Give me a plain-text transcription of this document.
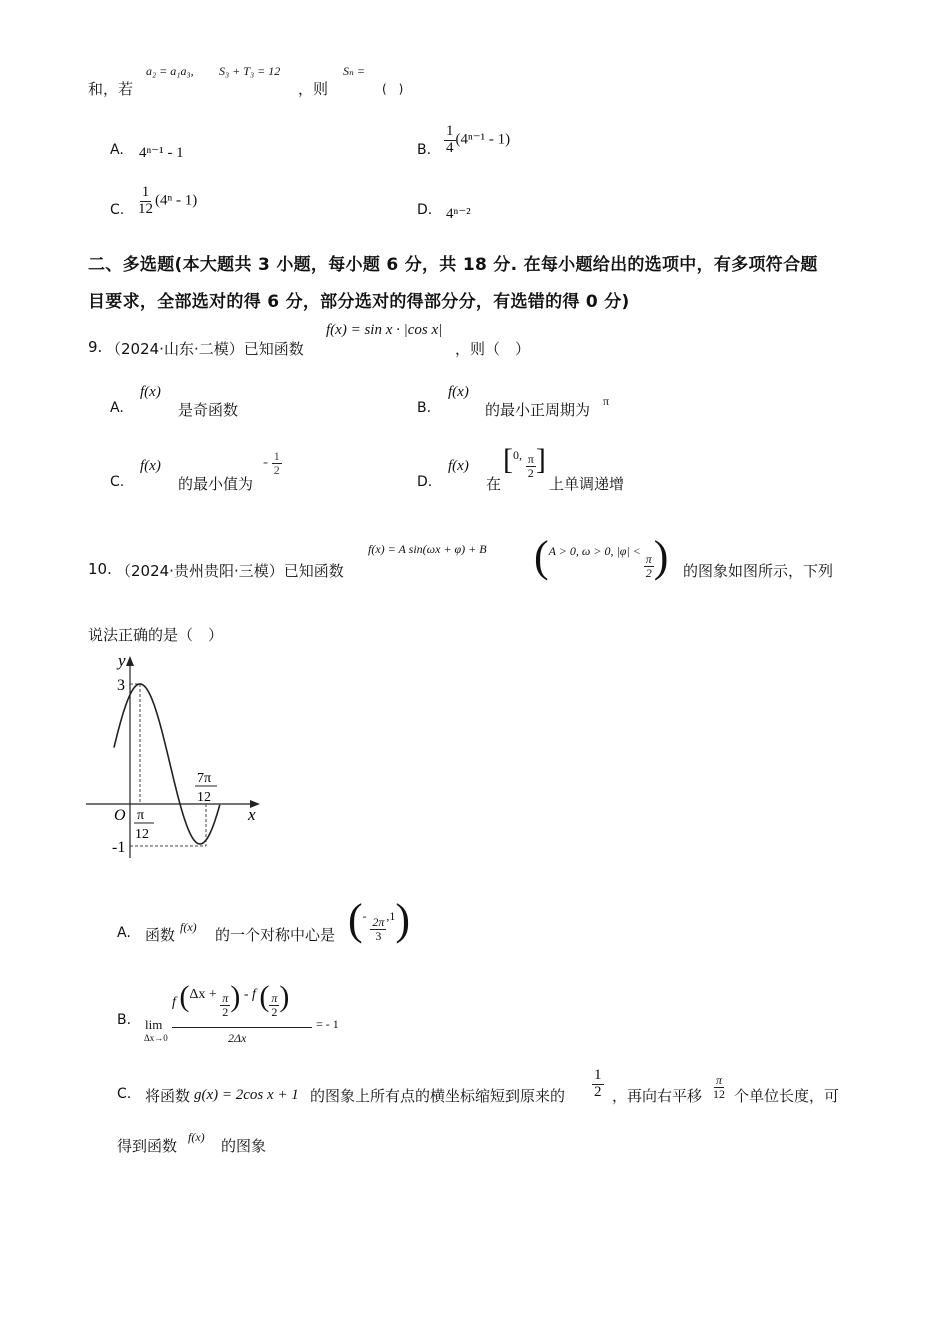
和，若
a₂ = a₁a₃, S₃ + T₃ = 12
，则
Sₙ =
(　)
A. 4ⁿ⁻¹ - 1	B. $\frac{1}{4} (4^{n-1} - 1)$
C. $\frac{1}{12} (4^n - 1)$
D. 4ⁿ⁻²
二、多选题(本大题共 3 小题，每小题 6 分，共 18 分. 在每小题给出的选项中，有多项符合题
目要求，全部选对的得 6 分，部分选对的得部分分，有选错的得 0 分)
9. （2024·山东·二模）已知函数
f(x) = sin x · |cos x|
，则（　）
A.
f(x)
是奇函数	B.
f(x)
的最小正周期为 π
C.
f(x)
的最小值为
- $\frac{1}{2}$
D.
f(x)
在
[$^{0,} \frac{\pi}{2}$ ]
上单调递增
10. （2024·贵州贵阳·三模）已知函数
f(x) = A sin(ωx + φ) + B (A > 0, ω > 0, |φ| <
$\frac{\pi}{2}$ ) 的图象如图所示，下列
说法正确的是（　）
y
x
O
3
-1
π
12
7π
12
A. 函数 f(x) 的一个对称中心是 $(^- \frac{2\pi}{3} ^{,1})$
B. lim
Δx→0
f ($\Delta x + \frac{\pi}{2}$ ) - f ( $\frac{\pi}{2}$ )
2Δx
= - 1
C. 将函数 g(x) = 2cos x + 1 的图象上所有点的横坐标缩短到原来的 $\frac{1}{2}$ ，再向右平移 $\frac{\pi}{12}$ 个单位长度，可
得到函数 f(x) 的图象
